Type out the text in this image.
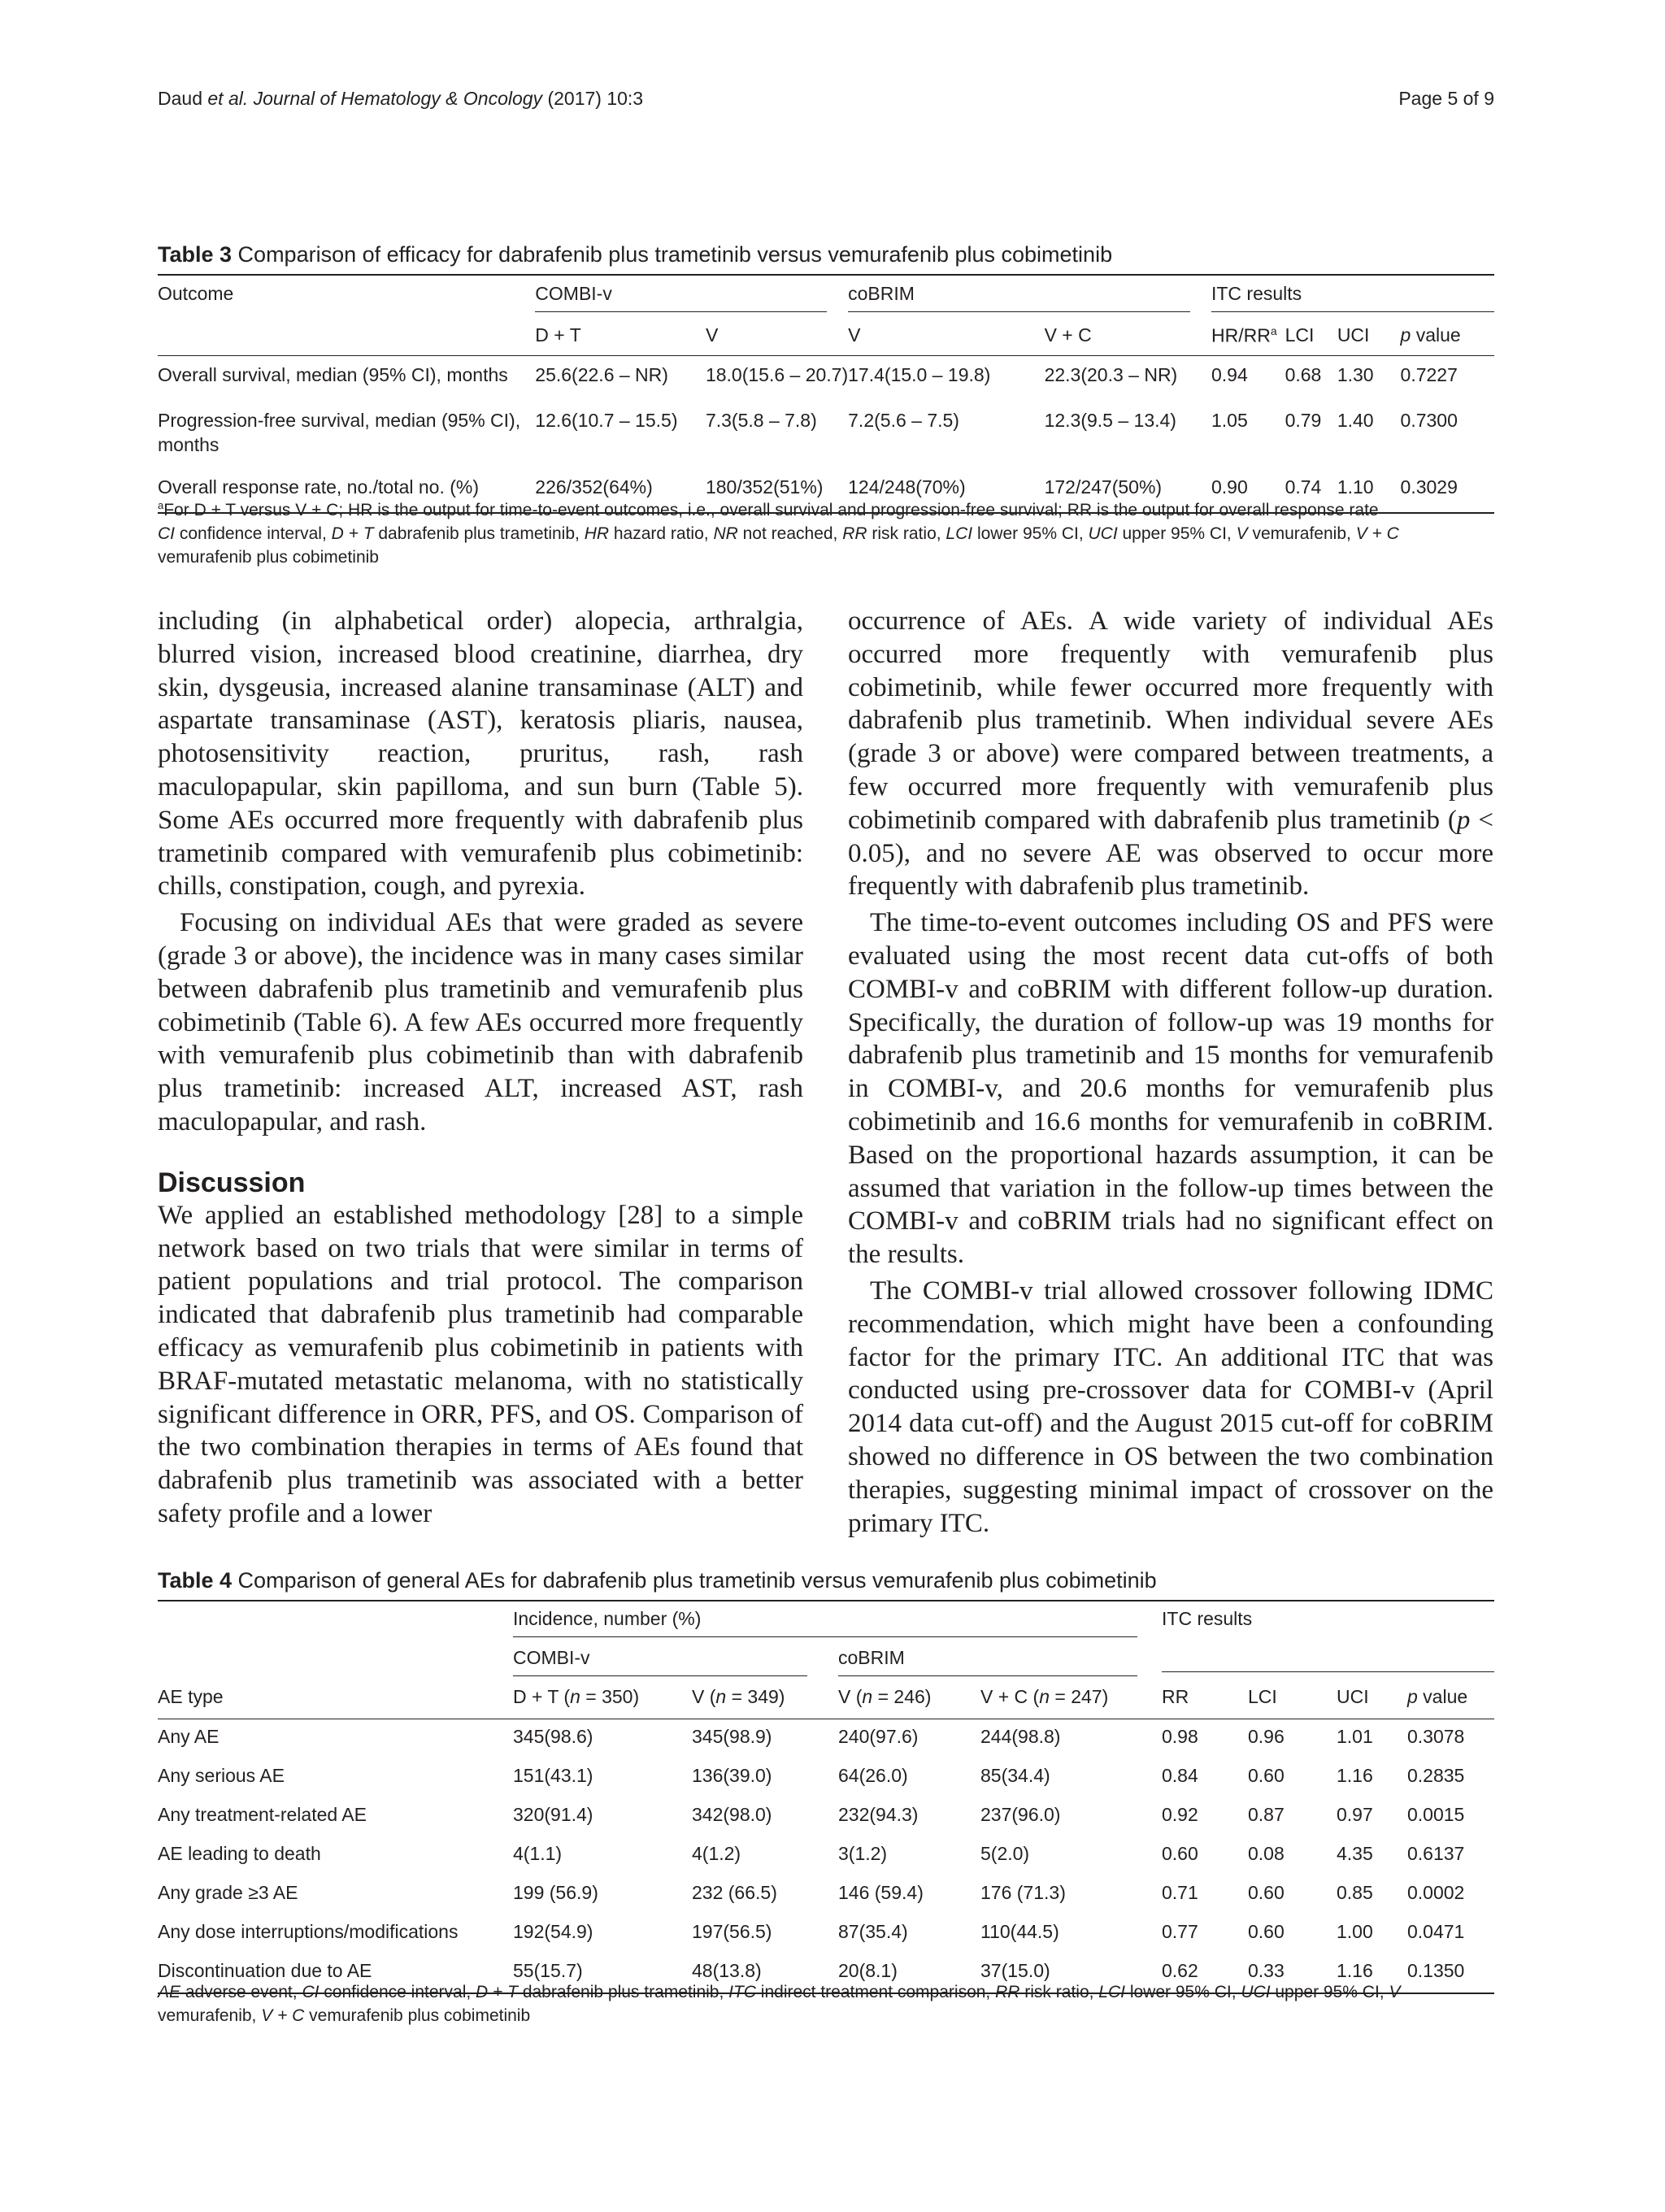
Daud et al. Journal of Hematology & Oncology (2017) 10:3	Page 5 of 9
Table 3 Comparison of efficacy for dabrafenib plus trametinib versus vemurafenib plus cobimetinib
Outcome	COMBI-v		coBRIM		ITC results			

	D + T	V	V	V + C	$HR/RR^a$	LCI	UCI	p value
Overall survival, median (95% CI), months	25.6(22.6 – NR)	18.0(15.6 – 20.7)	17.4(15.0 – 19.8)	22.3(20.3 – NR)	0.94	0.68	1.30	0.7227

Progression-free survival, median (95% CI),
months	12.6(10.7 – 15.5)	7.3(5.8 – 7.8)	7.2(5.6 – 7.5)	12.3(9.5 – 13.4)	1.05	0.79	1.40	0.7300
Overall response rate, no./total no. (%)	226/352(64%)	180/352(51%)	124/248(70%)	172/247(50%)	0.90	0.74	1.10	0.3029
$^a$For D + T versus V + C; HR is the output for time-to-event outcomes, i.e., overall survival and progression-free survival; RR is the output for overall response rate
CI confidence interval, D + T dabrafenib plus trametinib, HR hazard ratio, NR not reached, RR risk ratio, LCI lower 95% CI, UCI upper 95% CI, V vemurafenib, V + C vemurafenib plus cobimetinib

including (in alphabetical order) alopecia, arthralgia, blurred vision, increased blood creatinine, diarrhea, dry skin, dysgeusia, increased alanine transaminase (ALT) and aspartate transaminase (AST), keratosis pliaris, nausea, photosensitivity reaction, pruritus, rash, rash maculopapular, skin papilloma, and sun burn (Table 5). Some AEs occurred more frequently with dabrafenib plus trametinib compared with vemurafenib plus cobimetinib: chills, constipation, cough, and pyrexia.

Focusing on individual AEs that were graded as severe (grade 3 or above), the incidence was in many cases similar between dabrafenib plus trametinib and vemurafenib plus cobimetinib (Table 6). A few AEs occurred more frequently with vemurafenib plus cobimetinib than with dabrafenib plus trametinib: increased ALT, increased AST, rash maculopapular, and rash.

Discussion

We applied an established methodology [28] to a simple network based on two trials that were similar in terms of patient populations and trial protocol. The comparison indicated that dabrafenib plus trametinib had comparable efficacy as vemurafenib plus cobimetinib in patients with BRAF-mutated metastatic melanoma, with no statistically significant difference in ORR, PFS, and OS. Comparison of the two combination therapies in terms of AEs found that dabrafenib plus trametinib was associated with a better safety profile and a lower

occurrence of AEs. A wide variety of individual AEs occurred more frequently with vemurafenib plus cobimetinib, while fewer occurred more frequently with dabrafenib plus trametinib. When individual severe AEs (grade 3 or above) were compared between treatments, a few occurred more frequently with vemurafenib plus cobimetinib compared with dabrafenib plus trametinib (p < 0.05), and no severe AE was observed to occur more frequently with dabrafenib plus trametinib.

The time-to-event outcomes including OS and PFS were evaluated using the most recent data cut-offs of both COMBI-v and coBRIM with different follow-up duration. Specifically, the duration of follow-up was 19 months for dabrafenib plus trametinib and 15 months for vemurafenib in COMBI-v, and 20.6 months for vemurafenib plus cobimetinib and 16.6 months for vemurafenib in coBRIM. Based on the proportional hazards assumption, it can be assumed that variation in the follow-up times between the COMBI-v and coBRIM trials had no significant effect on the results.

The COMBI-v trial allowed crossover following IDMC recommendation, which might have been a confounding factor for the primary ITC. An additional ITC that was conducted using pre-crossover data for COMBI-v (April 2014 data cut-off) and the August 2015 cut-off for coBRIM showed no difference in OS between the two combination therapies, suggesting minimal impact of crossover on the primary ITC.

Table 4 Comparison of general AEs for dabrafenib plus trametinib versus vemurafenib plus cobimetinib

	Incidence, number (%)				ITC results			

	COMBI-v		coBRIM					

AE type	D + T (n = 350)	V (n = 349)	V (n = 246)	V + C (n = 247)	RR	LCI	UCI	p value
Any AE	345(98.6)	345(98.9)	240(97.6)	244(98.8)	0.98	0.96	1.01	0.3078
Any serious AE	151(43.1)	136(39.0)	64(26.0)	85(34.4)	0.84	0.60	1.16	0.2835
Any treatment-related AE	320(91.4)	342(98.0)	232(94.3)	237(96.0)	0.92	0.87	0.97	0.0015
AE leading to death	4(1.1)	4(1.2)	3(1.2)	5(2.0)	0.60	0.08	4.35	0.6137
Any grade ≥3 AE	199 (56.9)	232 (66.5)	146 (59.4)	176 (71.3)	0.71	0.60	0.85	0.0002
Any dose interruptions/modifications	192(54.9)	197(56.5)	87(35.4)	110(44.5)	0.77	0.60	1.00	0.0471
Discontinuation due to AE	55(15.7)	48(13.8)	20(8.1)	37(15.0)	0.62	0.33	1.16	0.1350
AE adverse event, CI confidence interval, D + T dabrafenib plus trametinib, ITC indirect treatment comparison, RR risk ratio, LCI lower 95% CI, UCI upper 95% CI, V vemurafenib, V + C vemurafenib plus cobimetinib
